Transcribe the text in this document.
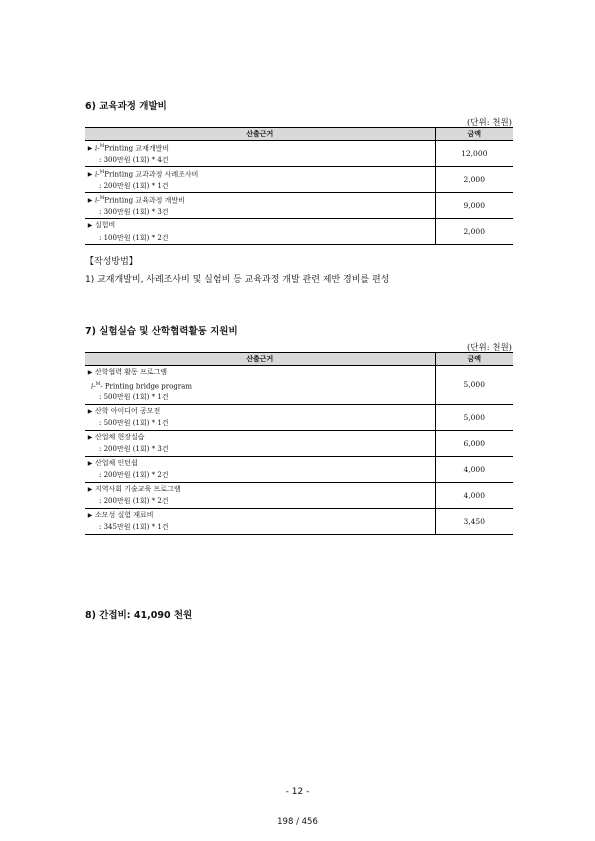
6) 교육과정 개발비
(단위: 천원)
산출근거	금액

▶ i-$^M$Printing 교재개발비
: 300만원 (1회) * 4건	12,000

▶ i-$^M$Printing 교과과정 사례조사비
: 200만원 (1회) * 1건	2,000

▶ i-$^M$Printing 교육과정 개발비
: 300만원 (1회) * 3건	9,000

▶ 실험비
: 100만원 (1회) * 2건	2,000
【작성방법】
1) 교재개발비, 사례조사비 및 실험비 등 교육과정 개발 관련 제반 경비를 편성
7) 실험실습 및 산학협력활동 지원비
(단위: 천원)
산출근거	금액

▶ 산학협력 활동 프로그램
i-$^M$- Printing bridge program
: 500만원 (1회) * 1건	5,000

▶ 산학 아이디어 공모전
: 500만원 (1회) * 1건	5,000

▶ 산업체 현장실습
: 200만원 (1회) * 3건	6,000

▶ 산업체 인턴쉽
: 200만원 (1회) * 2건	4,000

▶ 지역사회 기술교육 프로그램
: 200만원 (1회) * 2건	4,000

▶ 소모성 실험 재료비
: 345만원 (1회) * 1건	3,450
8) 간접비: 41,090 천원
- 12 -
198 / 456
